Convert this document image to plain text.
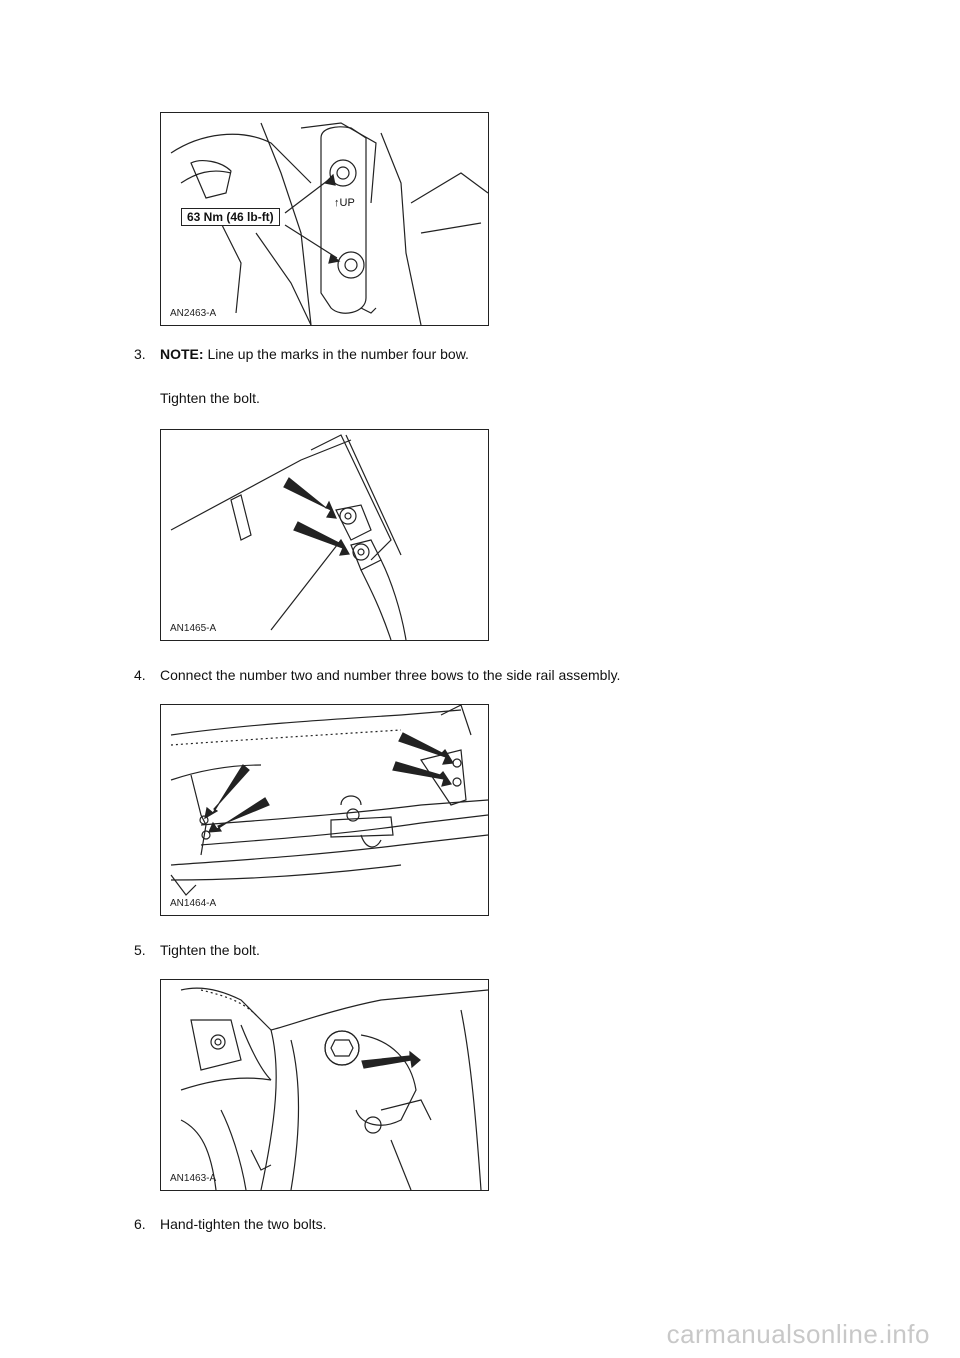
63 Nm (46 lb-ft)
↑UP
AN2463-A
3. NOTE: Line up the marks in the number four bow.
Tighten the bolt.
AN1465-A
4. Connect the number two and number three bows to the side rail assembly.
AN1464-A
5. Tighten the bolt.
AN1463-A
6. Hand-tighten the two bolts.
carmanualsonline.info
